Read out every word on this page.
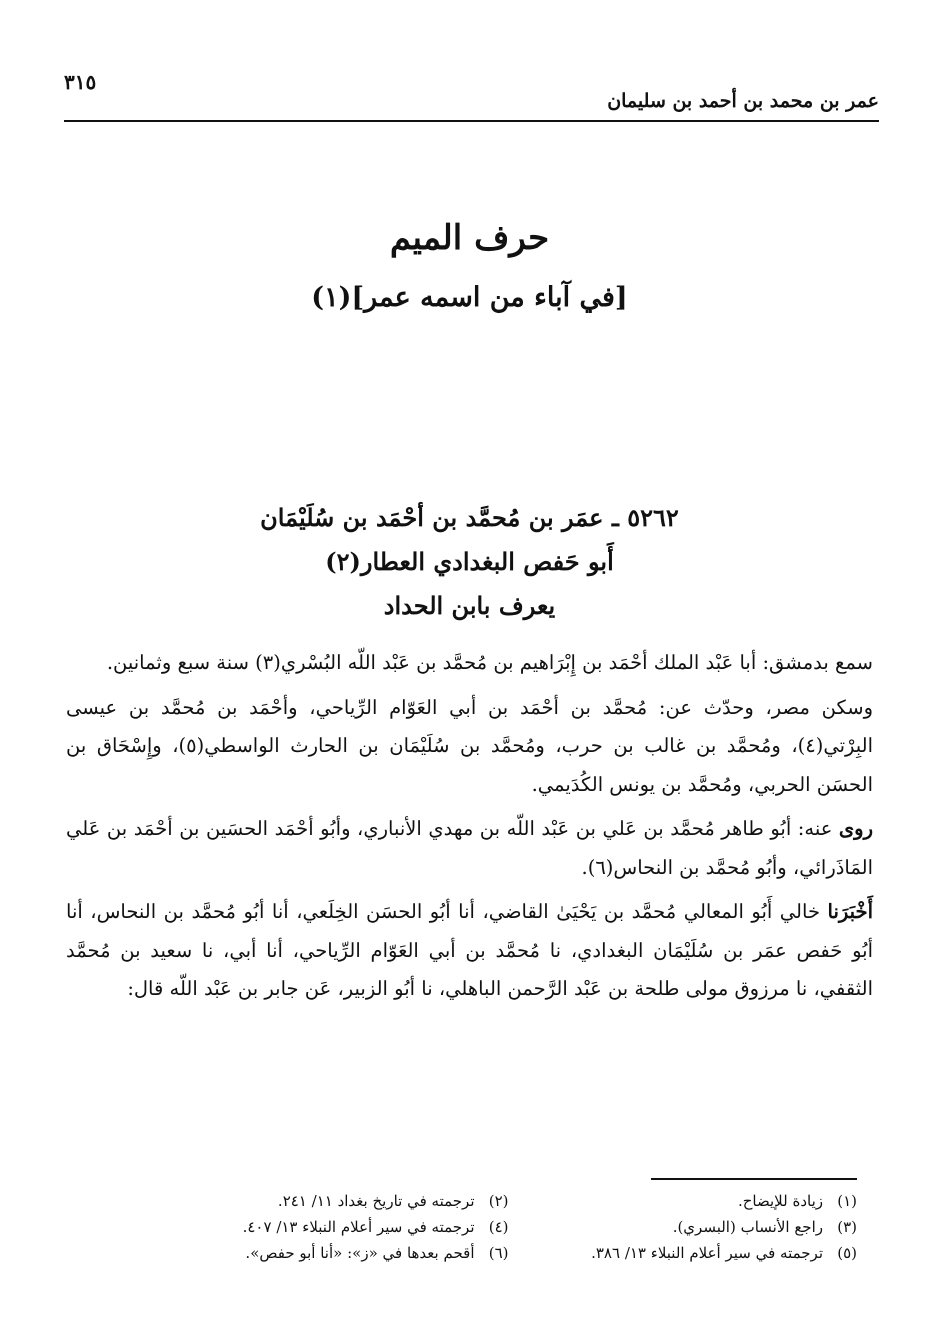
عمر بن محمد بن أحمد بن سليمان
٣١٥
حرف الميم
[في آباء من اسمه عمر](١)
٥٢٦٢ ـ عمَر بن مُحمَّد بن أحْمَد بن سُلَيْمَان
أَبو حَفص البغدادي العطار(٢)
يعرف بابن الحداد

سمع بدمشق: أبا عَبْد الملك أحْمَد بن إِبْرَاهيم بن مُحمَّد بن عَبْد اللّه البُسْري(٣) سنة سبع وثمانين.

وسكن مصر، وحدّث عن: مُحمَّد بن أحْمَد بن أبي العَوّام الرِّياحي، وأحْمَد بن مُحمَّد بن عيسى البِرْتي(٤)، ومُحمَّد بن غالب بن حرب، ومُحمَّد بن سُلَيْمَان بن الحارث الواسطي(٥)، وإِسْحَاق بن الحسَن الحربي، ومُحمَّد بن يونس الكُدَيمي.

روى عنه: أبُو طاهر مُحمَّد بن عَلي بن عَبْد اللّه بن مهدي الأنباري، وأبُو أحْمَد الحسَين بن أحْمَد بن عَلي المَاذَرائي، وأبُو مُحمَّد بن النحاس(٦).

أَخْبَرَنا خالي أَبُو المعالي مُحمَّد بن يَحْيَىٰ القاضي، أنا أبُو الحسَن الخِلَعي، أنا أبُو مُحمَّد بن النحاس، أنا أبُو حَفص عمَر بن سُلَيْمَان البغدادي، نا مُحمَّد بن أبي العَوّام الرِّياحي، أنا أبي، نا سعيد بن مُحمَّد الثقفي، نا مرزوق مولى طلحة بن عَبْد الرَّحمن الباهلي، نا أبُو الزبير، عَن جابر بن عَبْد اللّه قال:

(١)زيادة للإيضاح.
(٢)ترجمته في تاريخ بغداد ١١/ ٢٤١.
(٣)راجع الأنساب (البسري).
(٤)ترجمته في سير أعلام النبلاء ١٣/ ٤٠٧.
(٥)ترجمته في سير أعلام النبلاء ١٣/ ٣٨٦.
(٦)أقحم بعدها في «ز»: «أنا أبو حفص».
